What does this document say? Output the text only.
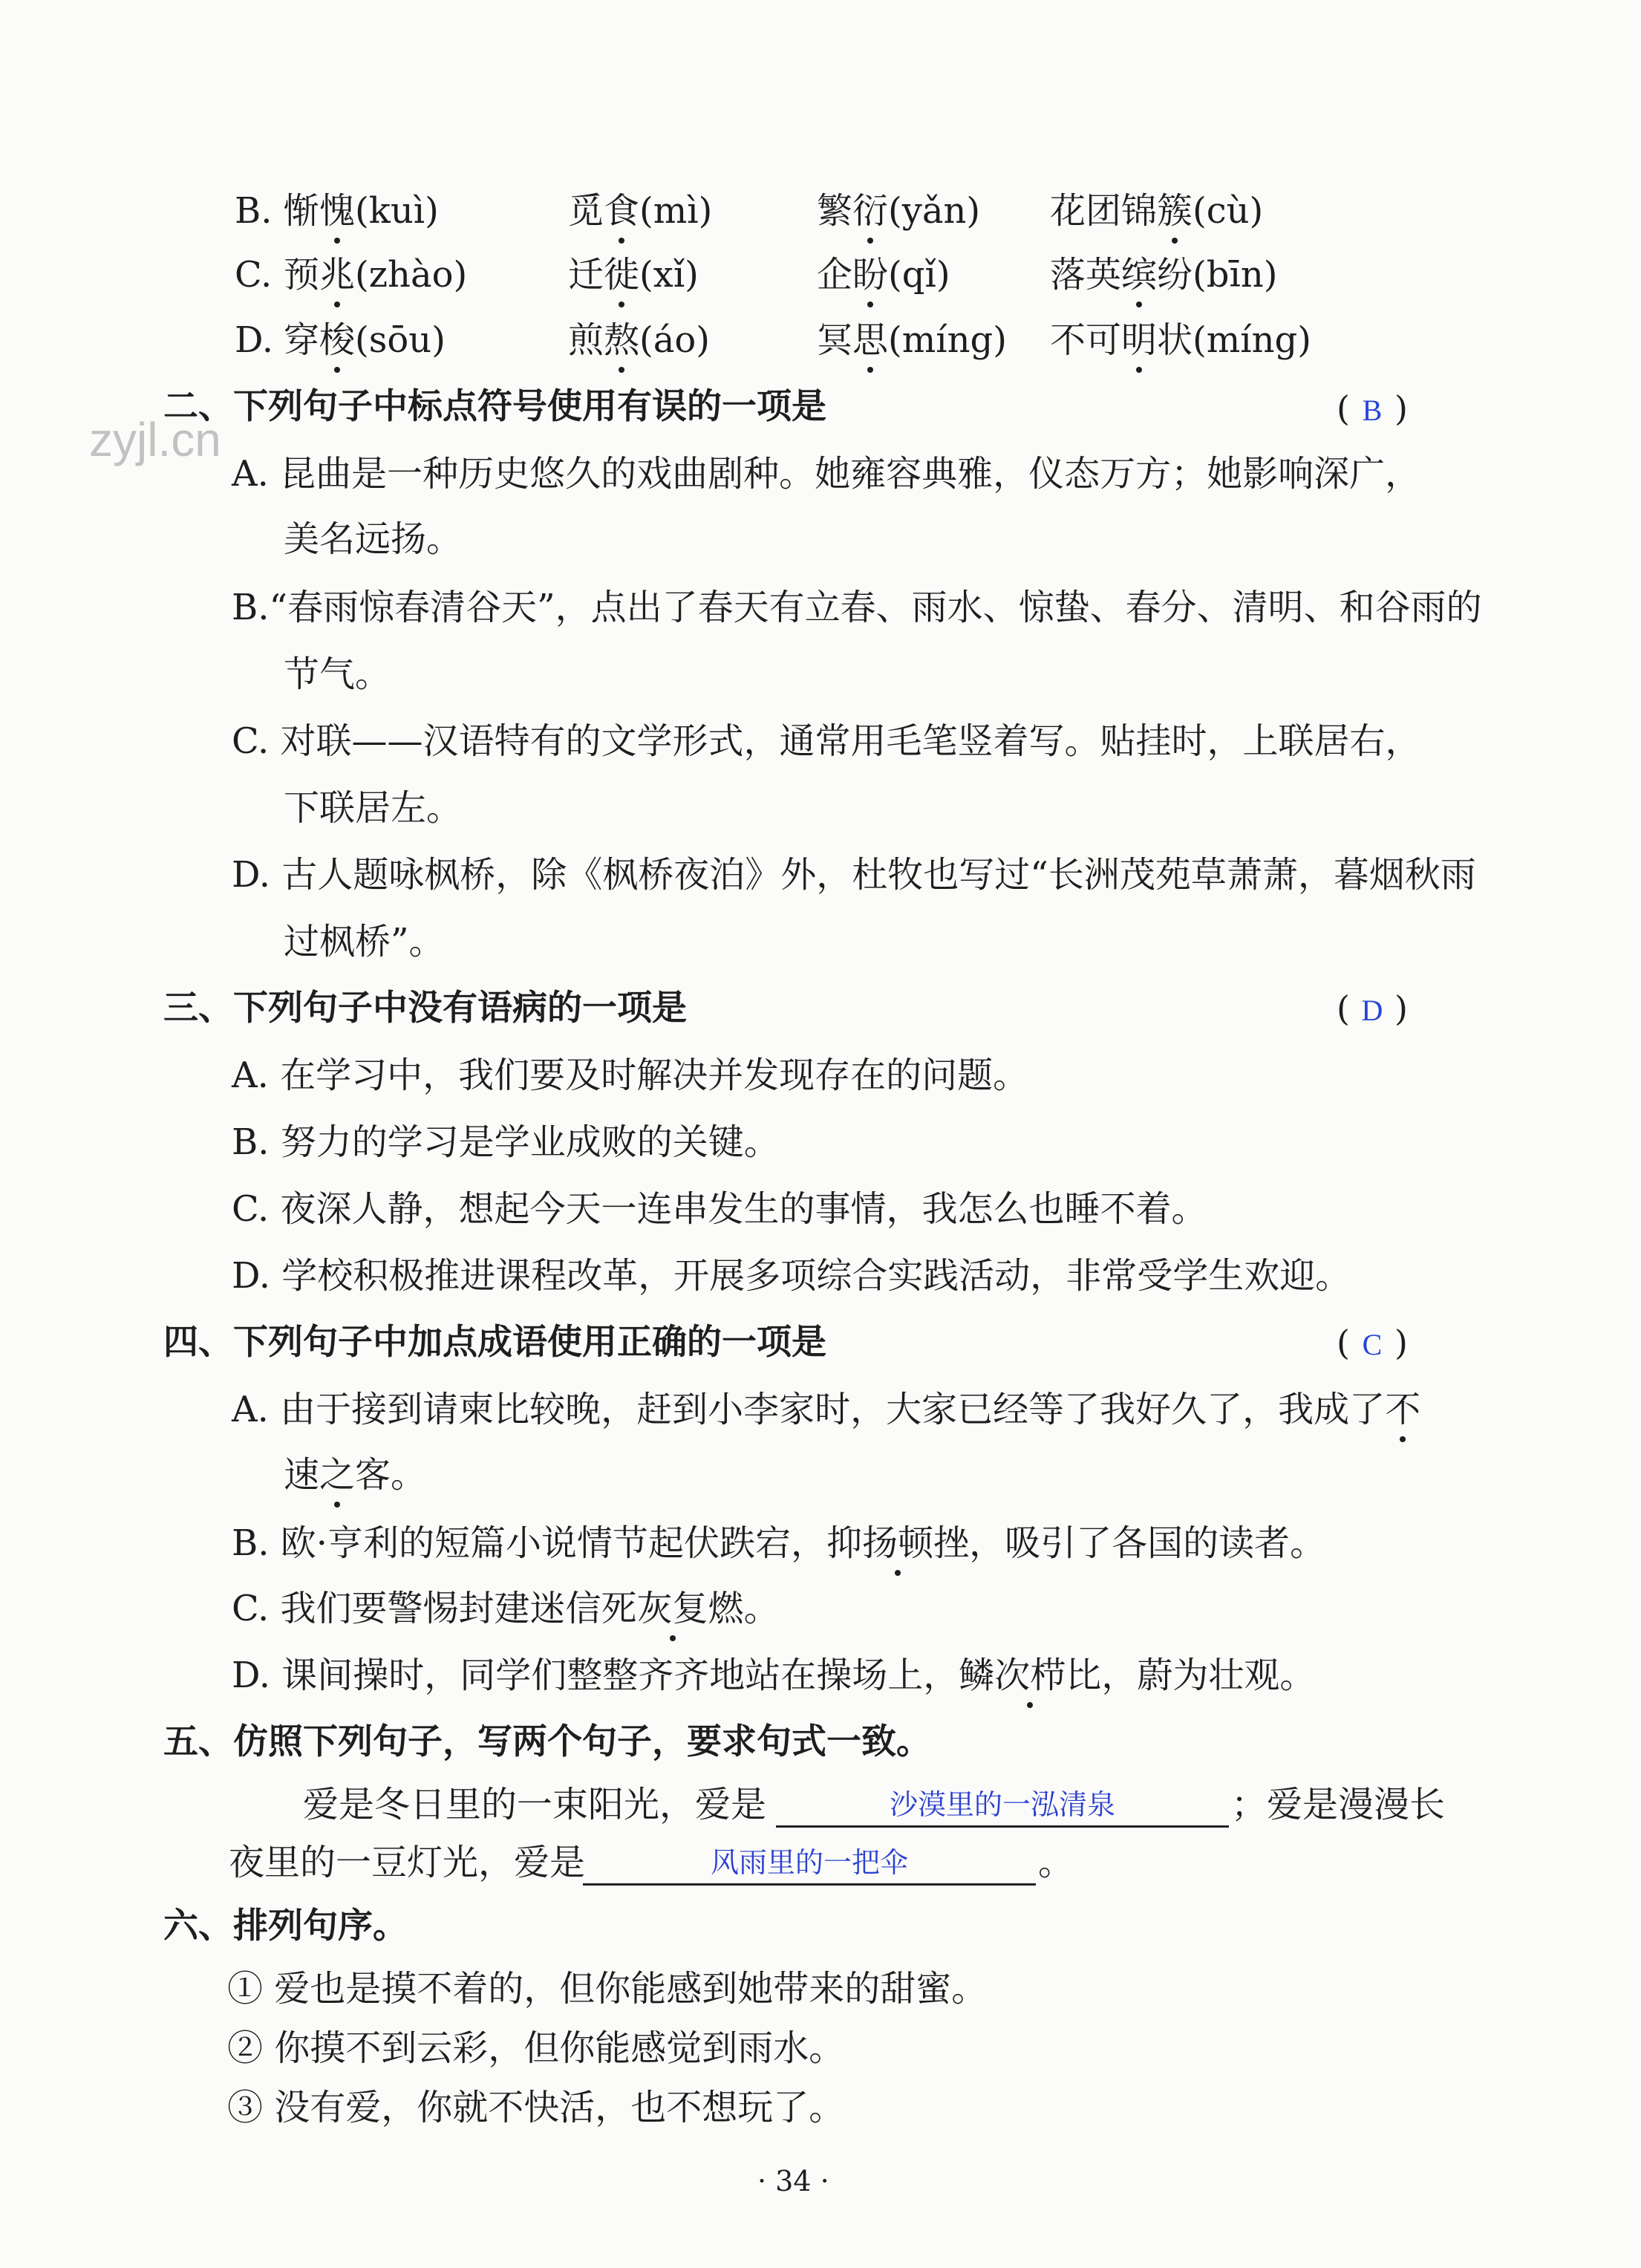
zyjl.cn
B. 惭愧(kuì)	觅食(mì)	繁衍(yǎn) 花团锦簇(cù)
C. 预兆(zhào)	迁徙(xǐ)	企盼(qǐ)	落英缤纷(bīn)
D. 穿梭(sōu)	煎熬(áo)	冥思(míng) 不可明状(míng)
二、下列句子中标点符号使用有误的一项是	( B )
A. 昆曲是一种历史悠久的戏曲剧种。她雍容典雅，仪态万方；她影响深广，
美名远扬。
B.“春雨惊春清谷天”，点出了春天有立春、雨水、惊蛰、春分、清明、和谷雨的
节气。
C. 对联——汉语特有的文学形式，通常用毛笔竖着写。贴挂时，上联居右，
下联居左。
D. 古人题咏枫桥，除《枫桥夜泊》外，杜牧也写过“长洲茂苑草萧萧，暮烟秋雨
过枫桥”。
三、下列句子中没有语病的一项是	( D )
A. 在学习中，我们要及时解决并发现存在的问题。
B. 努力的学习是学业成败的关键。
C. 夜深人静，想起今天一连串发生的事情，我怎么也睡不着。
D. 学校积极推进课程改革，开展多项综合实践活动，非常受学生欢迎。
四、下列句子中加点成语使用正确的一项是	( C )
A. 由于接到请柬比较晚，赶到小李家时，大家已经等了我好久了，我成了不
速之客。
B. 欧·亨利的短篇小说情节起伏跌宕，抑扬顿挫，吸引了各国的读者。
C. 我们要警惕封建迷信死灰复燃。
D. 课间操时，同学们整整齐齐地站在操场上，鳞次栉比，蔚为壮观。
五、仿照下列句子，写两个句子，要求句式一致。
爱是冬日里的一束阳光，爱是	沙漠里的一泓清泉	；爱是漫漫长
夜里的一豆灯光，爱是	风雨里的一把伞	。
六、排列句序。
① 爱也是摸不着的，但你能感到她带来的甜蜜。
② 你摸不到云彩，但你能感觉到雨水。
③ 没有爱，你就不快活，也不想玩了。
· 34 ·
